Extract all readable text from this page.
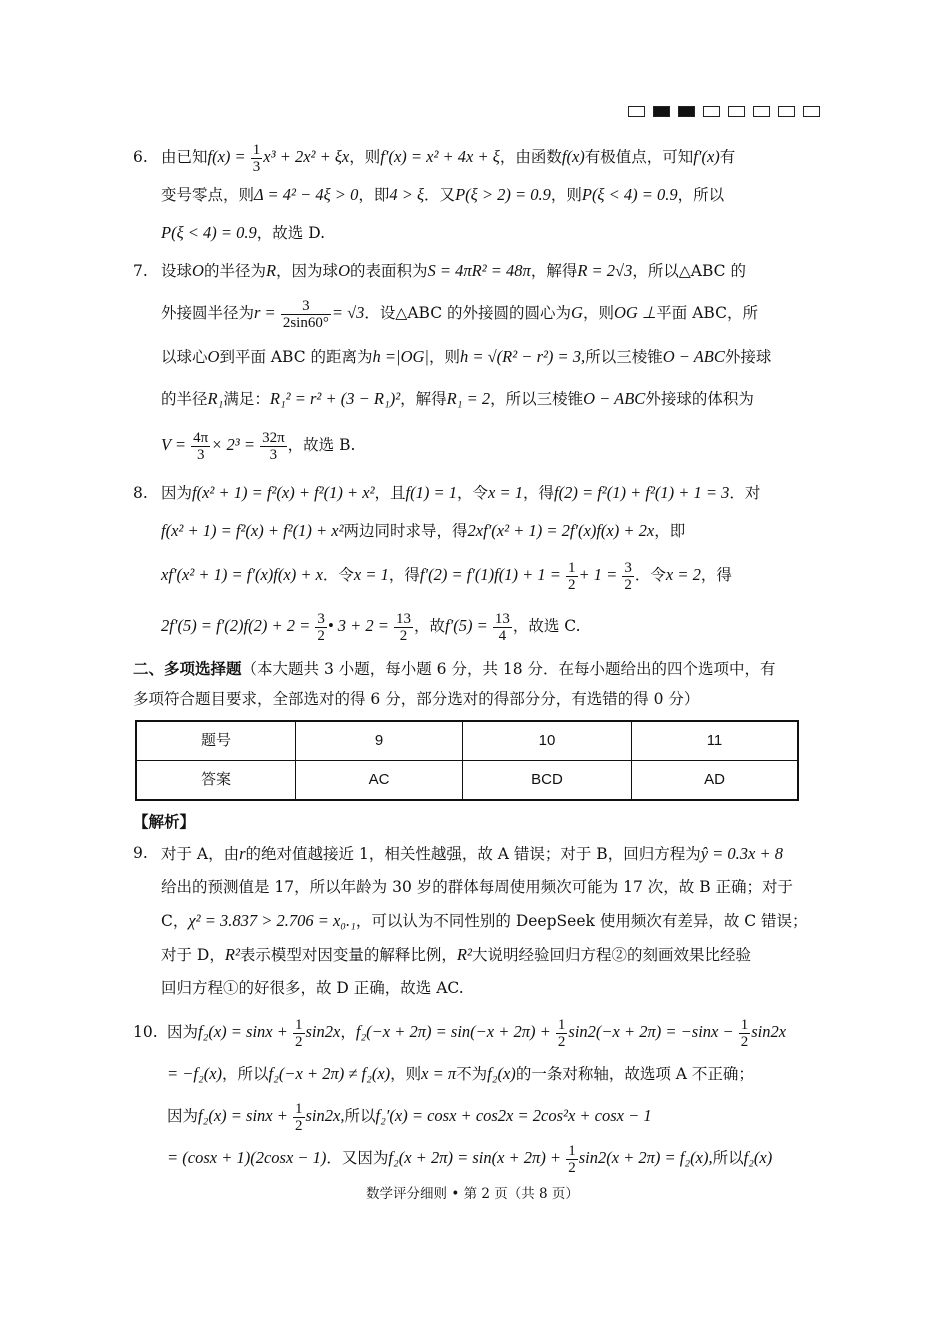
6. 由已知$f(x) = \frac{1}{3} x^3 + 2x^2 + \xi x$，则f′(x) = x² + 4x + ξ，由函数f(x)有极值点，可知f′(x)有

变号零点，则Δ = 4² − 4ξ > 0，即4 > ξ．又P(ξ > 2) = 0.9，则P(ξ < 4) = 0.9，所以

P(ξ < 4) = 0.9，故选 D.

7. 设球O的半径为R，因为球O的表面积为S = 4πR² = 48π，解得R = 2√3，所以△ABC 的

外接圆半径为$r = \frac{3}{2\sin 60^\circ} = √3$．设△ABC 的外接圆的圆心为G，则OG ⊥平面 ABC，所

以球心O到平面 ABC 的距离为h =|OG|，则h = √(R² − r²) = 3,所以三棱锥O − ABC外接球

的半径R₁满足：R₁² = r² + (3 − R₁)²，解得R₁ = 2，所以三棱锥O − ABC外接球的体积为

$V = \frac{4\pi}{3} \times 2^3 = \frac{32\pi}{3}$ ，故选 B.

8. 因为f(x² + 1) = f²(x) + f²(1) + x²，且f(1) = 1，令x = 1，得f(2) = f²(1) + f²(1) + 1 = 3．对

f(x² + 1) = f²(x) + f²(1) + x²两边同时求导，得2xf′(x² + 1) = 2f′(x)f(x) + 2x，即

xf′(x² + 1) = f′(x)f(x) + x．令x = 1，得$f'(2) = f'(1)f(1) + 1 = \frac{1}{2} + 1 = \frac{3}{2}$ ．令x = 2，得

$2f'(5) = f'(2)f(2) + 2 = \frac{3}{2}$ • $3 + 2 = \frac{13}{2}$ ，故$f'(5) = \frac{13}{4}$ ，故选 C.

二、多项选择题（本大题共 3 小题，每小题 6 分，共 18 分．在每小题给出的四个选项中，有
多项符合题目要求，全部选对的得 6 分，部分选对的得部分分，有选错的得 0 分）
题号	9	10	11
答案	AC	BCD	AD
【解析】
9. 对于 A，由r的绝对值越接近 1，相关性越强，故 A 错误；对于 B，回归方程为ŷ = 0.3x + 8

给出的预测值是 17，所以年龄为 30 岁的群体每周使用频次可能为 17 次，故 B 正确；对于

C，χ² = 3.837 > 2.706 = x₀.₁，可以认为不同性别的 DeepSeek 使用频次有差异，故 C 错误；

对于 D，R²表示模型对因变量的解释比例，R²大说明经验回归方程②的刻画效果比经验

回归方程①的好很多，故 D 正确，故选 AC.

10. 因为$f_2(x) = \sin x + \frac{1}{2} \sin 2x$，$f_2(-x + 2\pi) = \sin(-x + 2\pi) + \frac{1}{2} \sin 2(-x + 2\pi) = -\sin x - \frac{1}{2} \sin 2x$

= −f₂(x)，所以f₂(−x + 2π) ≠ f₂(x)，则x = π不为f₂(x)的一条对称轴，故选项 A 不正确；

因为$f_2(x) = \sin x + \frac{1}{2} \sin 2x$,所以f₂′(x) = cosx + cos2x = 2cos²x + cosx − 1

= (cosx + 1)(2cosx − 1)．又因为$f_2(x + 2\pi) = \sin(x + 2\pi) + \frac{1}{2} \sin 2(x + 2\pi) = f_2(x)$,所以f₂(x)

数学评分细则 • 第 2 页（共 8 页）
